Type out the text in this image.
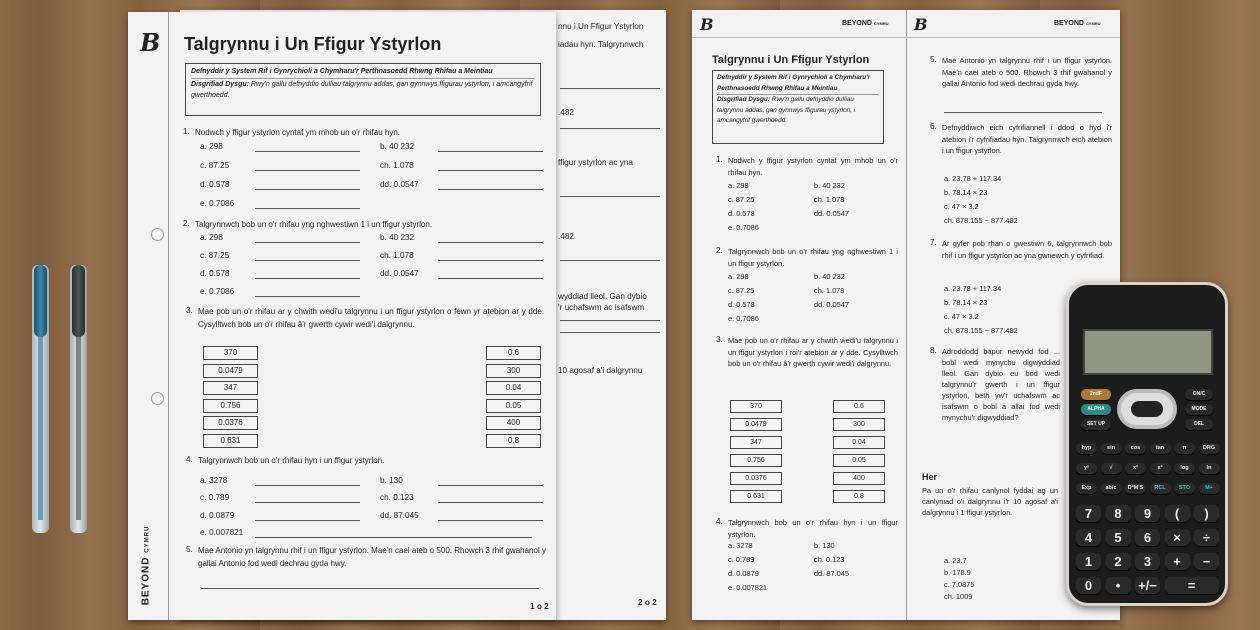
nnu i Un Ffigur Ystyrlon
iadau hyn. Talgrynnwch
.482
ffigur ystyrlon ac yna
.482
wyddiad lleol. Gan dybio
'r uchafswm ac isafswm
10 agosaf a'i dalgrynnu
2 o 2
B
BEYOND CYMRU
Talgrynnu i Un Ffigur Ystyrlon
Defnyddir y System Rif i Gynrychioli a Chymharu'r Perthnasoedd Rhwng Rhifau a Meintiau
Disgrifiad Dysgu: Rwy'n gallu defnyddio dulliau talgrynnu addas, gan gynnwys ffigurau ystyrlon, i amcangyfrif gwerthoedd.
1. Nodwch y ffigur ystyrlon cyntaf ym mhob un o'r rhifau hyn.
a. 298	b. 40 232
c. 87.25	ch. 1.078
d. 0.578	dd. 0.0547
e. 0.7086
2. Talgrynnwch bob un o'r rhifau yng nghwestiwn 1 i un ffigur ystyrlon.
a. 298	b. 40 232
c. 87.25	ch. 1.078
d. 0.578	dd. 0.0547
e. 0.7086
3. Mae pob un o'r rhifau ar y chwith wedi'u talgrynnu i un ffigur ystyrlon o fewn yr atebion ar y dde. Cysylltwch bob un o'r rhifau â'r gwerth cywir wedi'i dalgrynnu.
370	0.6
0.0479	300
347	0.04
0.756	0.05
0.0376	400
0.631	0.8
4. Talgrynnwch bob un o'r rhifau hyn i un ffigur ystyrlon.
a. 3278	b. 130
c. 0.789	ch. 0.123
d. 0.0879	dd. 87.045
e. 0.007821
5. Mae Antonio yn talgrynnu rhif i un ffigur ystyrlon. Mae'n cael ateb o 500. Rhowch 3 rhif gwahanol y gallai Antonio fod wedi dechrau gyda hwy.
1 o 2
B	BEYOND CYMRU B	BEYOND CYMRU
Talgrynnu i Un Ffigur Ystyrlon
Defnyddir y System Rif i Gynrychioli a Chymharu'r Perthnasoedd Rhwng Rhifau a Meintiau
Disgrifiad Dysgu: Rwy'n gallu defnyddio dulliau talgrynnu addas, gan gynnwys ffigurau ystyrlon, i amcangyfrif gwerthoedd.
1. Nodwch y ffigur ystyrlon cyntaf ym mhob un o'r rhifau hyn.
a. 298	b. 40 232
c. 87.25	ch. 1.078
d. 0.578	dd. 0.0547
e. 0.7086
2. Talgrynnwch bob un o'r rhifau yng nghwestiwn 1 i un ffigur ystyrlon.
a. 298	b. 40 232
c. 87.25	ch. 1.078
d. 0.578	dd. 0.0547
e. 0.7086
3. Mae pob un o'r rhifau ar y chwith wedi'u talgrynnu i un ffigur ystyrlon i roi'r atebion ar y dde. Cysylltwch bob un o'r rhifau â'r gwerth cywir wedi'i dalgrynnu.
370	0.6
0.0479	300
347	0.04
0.756	0.05
0.0376	400
0.631	0.8
4. Talgrynnwch bob un o'r rhifau hyn i un ffigur ystyrlon.
a. 3278	b. 130
c. 0.789	ch. 0.123
d. 0.0879	dd. 87.045
e. 0.007821
5. Mae Antonio yn talgrynnu rhif i un ffigur ystyrlon. Mae'n cael ateb o 500. Rhowch 3 rhif gwahanol y gallai Antonio fod wedi dechrau gyda hwy.
6. Defnyddiwch eich cyfrifiannell i ddod o hyd i'r atebion i'r cyfrifiadau hyn. Talgrynnwch eich atebion i un ffigur ystyrlon.
a. 23.78 + 117.34
b. 78.14 × 23
c. 47 × 3.2
ch. 878.155 − 877.482
7. Ar gyfer pob rhan o gwestiwn 6, talgrynnwch bob rhif i un ffigur ystyrlon ac yna gwnewch y cyfrifiad.
a. 23.78 + 117.34
b. 78.14 × 23
c. 47 × 3.2
ch. 878.155 − 877.482
8. Adroddodd bapur newydd fod ... bobl wedi mynychu digwyddiad lleol. Gan dybio eu bod wedi talgrynnu'r gwerth i un ffigur ystyrlon, beth yw'r uchafswm ac isafswm o bobl a allai fod wedi mynychu'r digwyddiad?
Her
Pa un o'r rhifau canlynol fyddai ag un canlyniad o'i dalgrynnu i'r 10 agosaf a'i dalgrynnu i 1 ffigur ystyrlon.
a. 23.7
b. 178.9
c. 7.0875
ch. 1009
2ndF
ALPHA
SET UP
ON/C
MODE
DEL
hyp	sin	cos	tan	π	DRG
yˣ	√	x²	x³	log	ln
Exp	ab/c	D°M'S	RCL	STO	M+
7	8	9	(	)
4	5	6	×	÷
1	2	3	+	−
0	•	+/−	=
